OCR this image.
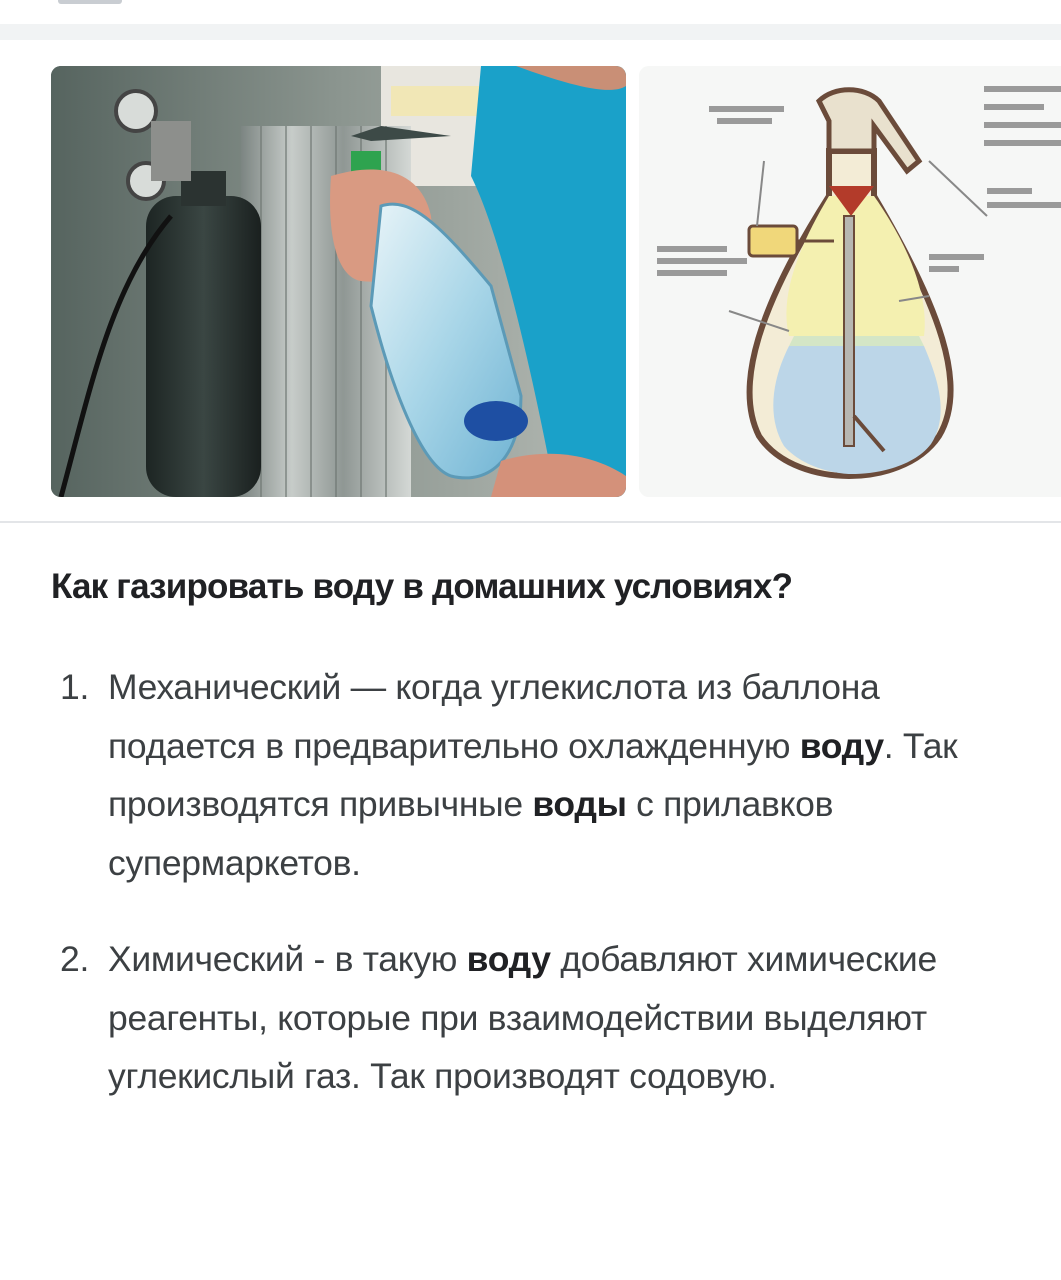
Как газировать воду в домашних условиях?
1. Механический — когда углекислота из баллона подается в предварительно охлажденную воду. Так производятся привычные воды с прилавков супермаркетов.
2. Химический - в такую воду добавляют химические реагенты, которые при взаимодействии выделяют углекислый газ. Так производят содовую.
